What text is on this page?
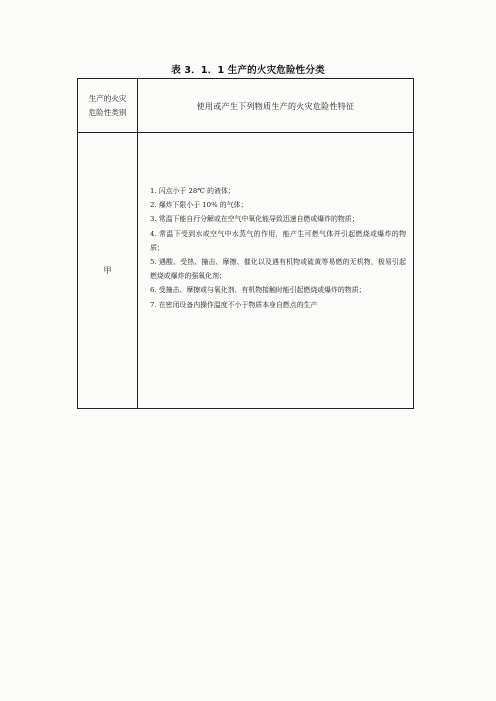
表 3．1．1 生产的火灾危险性分类
生产的火灾
危险性类别
使用或产生下列物质生产的火灾危险性特征
甲

1. 闪点小于 28℃ 的液体；

2. 爆炸下限小于 10% 的气体；

3. 常温下能自行分解或在空气中氧化能导致迅速自燃或爆炸的物质；

4. 常温下受到水或空气中水蒸气的作用，能产生可燃气体并引起燃烧或爆炸的物质；

5. 遇酸、受热、撞击、摩擦、催化以及遇有机物或硫黄等易燃的无机物，极易引起燃烧或爆炸的强氧化剂；

6. 受撞击、摩擦或与氧化剂、有机物接触时能引起燃烧或爆炸的物质；

7. 在密闭设备内操作温度不小于物质本身自燃点的生产
